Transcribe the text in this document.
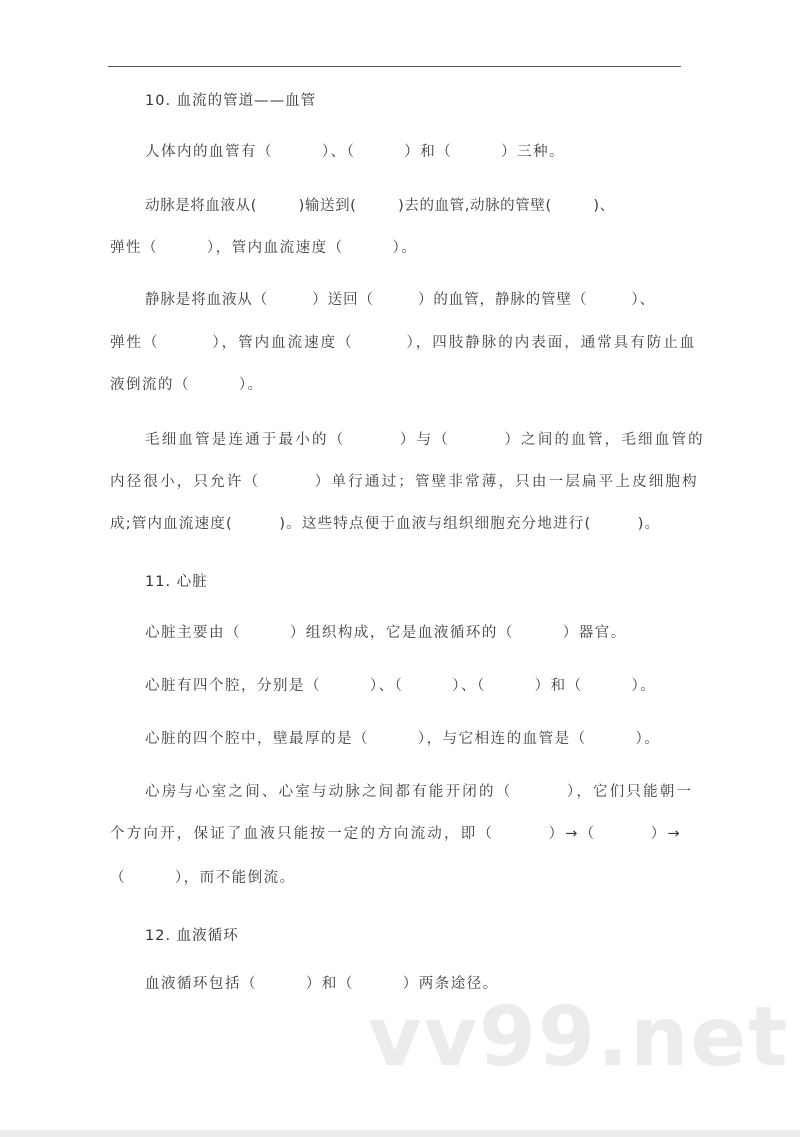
10. 血流的管道——血管
人体内的血管有（        ）、（        ）和（        ）三种。
动脉是将血液从(        )输送到(        )去的血管,动脉的管壁(        )、
弹性（        ），管内血流速度（        ）。
静脉是将血液从（        ）送回（        ）的血管，静脉的管壁（        ）、
弹性（        ），管内血流速度（        ），四肢静脉的内表面，通常具有防止血
液倒流的（        ）。
毛细血管是连通于最小的（        ）与（        ）之间的血管，毛细血管的
内径很小，只允许（        ）单行通过；管壁非常薄，只由一层扁平上皮细胞构
成;管内血流速度(        )。这些特点便于血液与组织细胞充分地进行(        )。
11. 心脏
心脏主要由（        ）组织构成，它是血液循环的（        ）器官。
心脏有四个腔，分别是（        ）、（        ）、（        ）和（        ）。
心脏的四个腔中，壁最厚的是（        ），与它相连的血管是（        ）。
心房与心室之间、心室与动脉之间都有能开闭的（        ），它们只能朝一
个方向开，保证了血液只能按一定的方向流动，即（        ）→（        ）→
（        ），而不能倒流。
12. 血液循环
血液循环包括（        ）和（        ）两条途径。
vv99.net
